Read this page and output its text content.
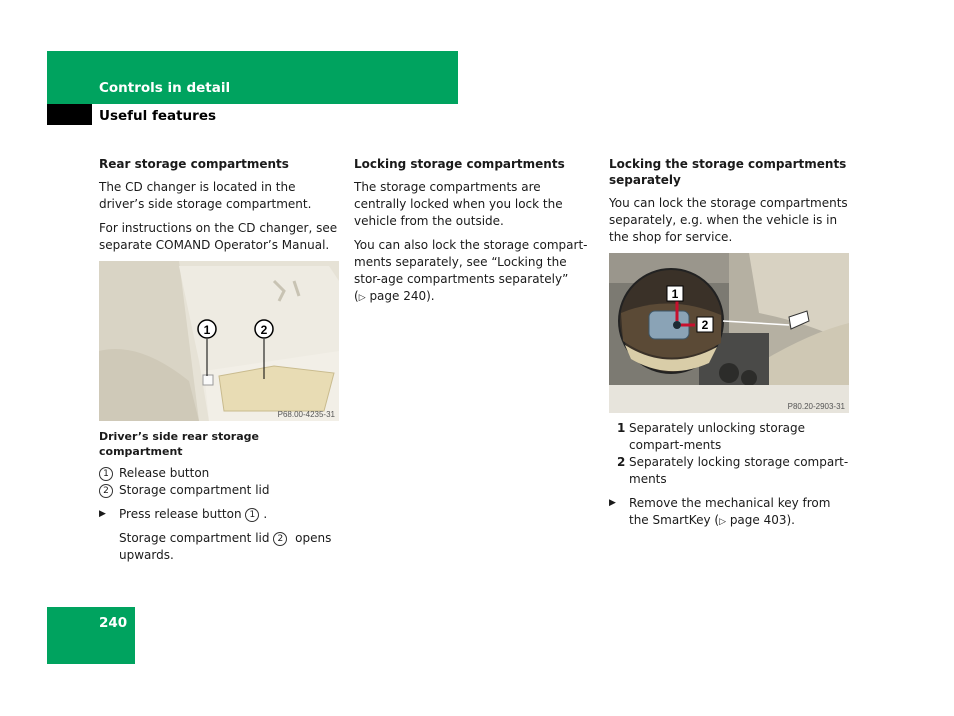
Controls in detail
Useful features
Rear storage compartments

The CD changer is located in the driver’s side storage compartment.

For instructions on the CD changer, see separate COMAND Operator’s Manual.

1	2
P68.00-4235-31
Driver’s side rear storage compartment
1 Release button
2 Storage compartment lid
▶	Press release button 1 .
Storage compartment lid 2 opens upwards.
Locking storage compartments

The storage compartments are centrally locked when you lock the vehicle from the outside.

You can also lock the storage compart-ments separately, see “Locking the stor-age compartments separately”
(▷ page 240).

Locking the storage compartments separately

You can lock the storage compartments separately, e.g. when the vehicle is in the shop for service.

1
2
P80.20-2903-31
1 Separately unlocking storage compart-ments
2 Separately locking storage compart-ments
▶	Remove the mechanical key from the SmartKey (▷ page 403).
240
